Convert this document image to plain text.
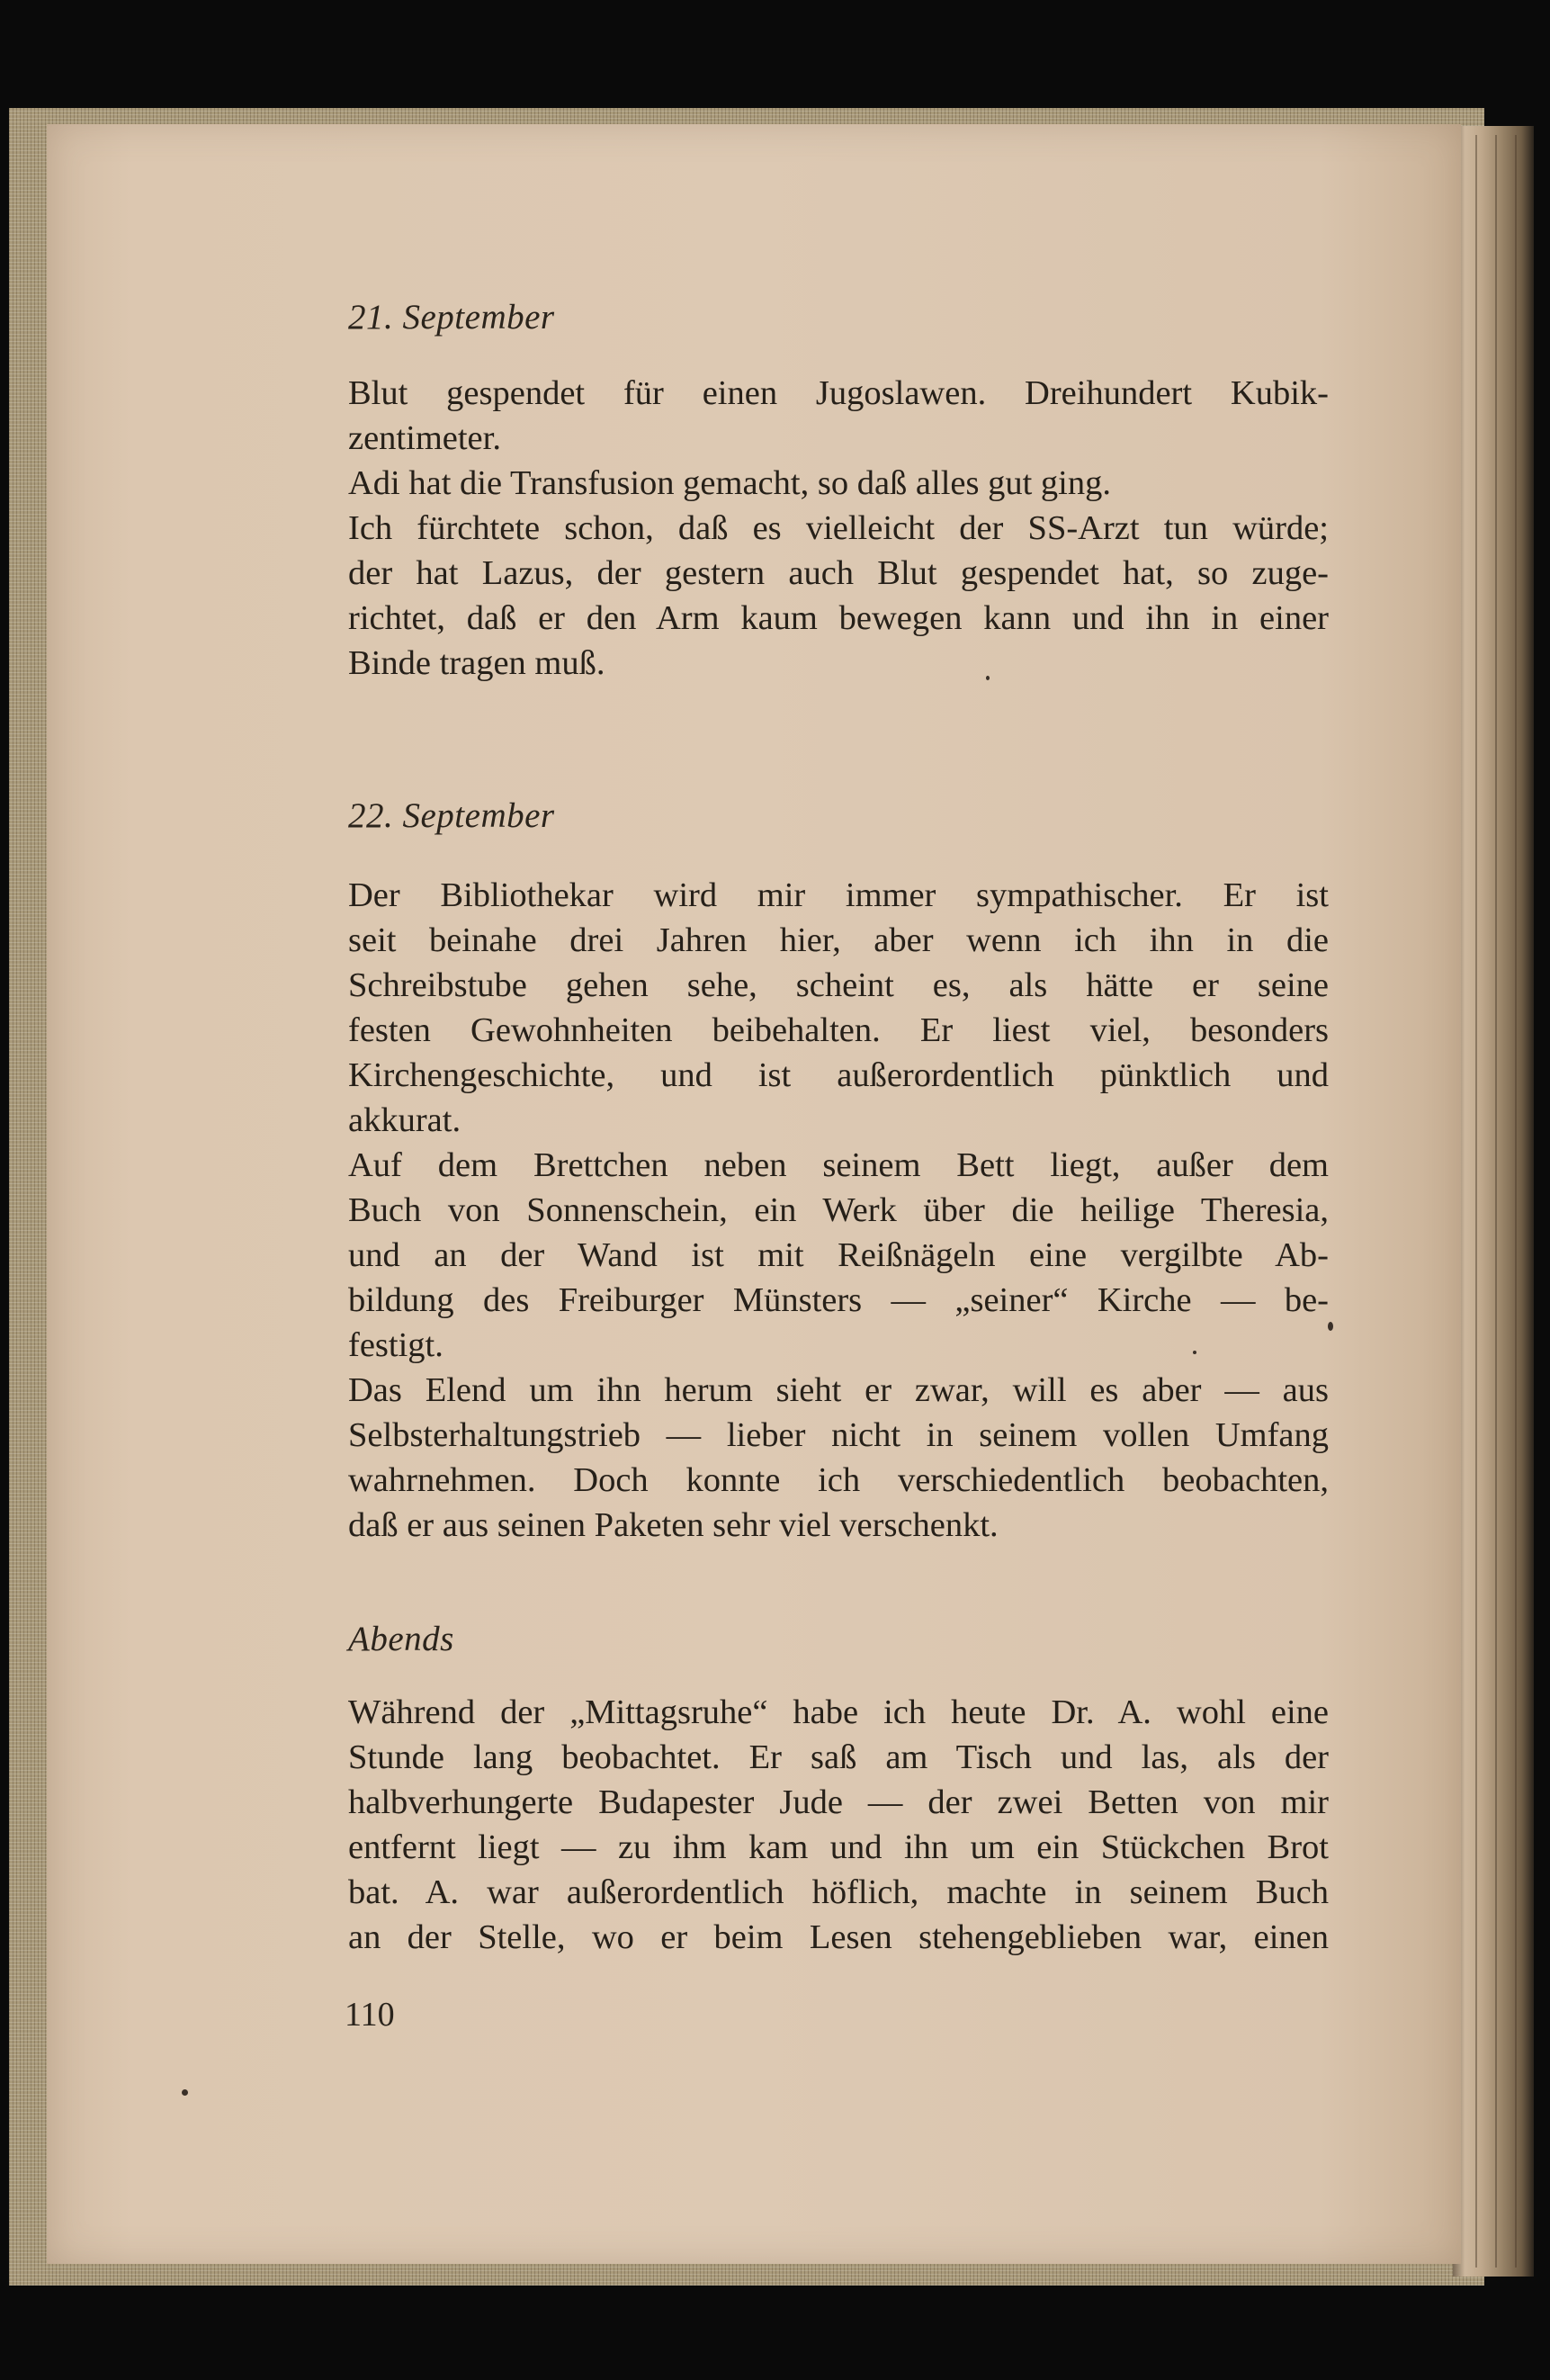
21. September
Blut gespendet für einen Jugoslawen. Dreihundert Kubik-
zentimeter.
Adi hat die Transfusion gemacht, so daß alles gut ging.
Ich fürchtete schon, daß es vielleicht der SS-Arzt tun würde;
der hat Lazus, der gestern auch Blut gespendet hat, so zuge-
richtet, daß er den Arm kaum bewegen kann und ihn in einer
Binde tragen muß.
22. September
Der Bibliothekar wird mir immer sympathischer. Er ist
seit beinahe drei Jahren hier, aber wenn ich ihn in die
Schreibstube gehen sehe, scheint es, als hätte er seine
festen Gewohnheiten beibehalten. Er liest viel, besonders
Kirchengeschichte, und ist außerordentlich pünktlich und
akkurat.
Auf dem Brettchen neben seinem Bett liegt, außer dem
Buch von Sonnenschein, ein Werk über die heilige Theresia,
und an der Wand ist mit Reißnägeln eine vergilbte Ab-
bildung des Freiburger Münsters — „seiner“ Kirche — be-
festigt.
Das Elend um ihn herum sieht er zwar, will es aber — aus
Selbsterhaltungstrieb — lieber nicht in seinem vollen Umfang
wahrnehmen. Doch konnte ich verschiedentlich beobachten,
daß er aus seinen Paketen sehr viel verschenkt.
Abends
Während der „Mittagsruhe“ habe ich heute Dr. A. wohl eine
Stunde lang beobachtet. Er saß am Tisch und las, als der
halbverhungerte Budapester Jude — der zwei Betten von mir
entfernt liegt — zu ihm kam und ihn um ein Stückchen Brot
bat. A. war außerordentlich höflich, machte in seinem Buch
an der Stelle, wo er beim Lesen stehengeblieben war, einen
110
